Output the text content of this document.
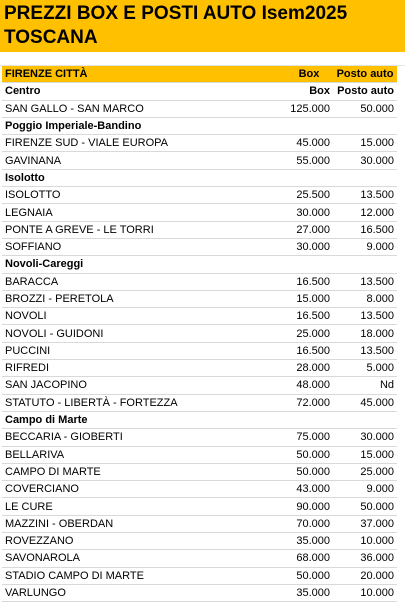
PREZZI BOX E POSTI AUTO Isem2025
TOSCANA
FIRENZE CITTÀ	Box	Posto auto
Centro	Box	Posto auto
SAN GALLO - SAN MARCO	125.000	50.000
Poggio Imperiale-Bandino		
FIRENZE SUD - VIALE EUROPA	45.000	15.000
GAVINANA	55.000	30.000
Isolotto		
ISOLOTTO	25.500	13.500
LEGNAIA	30.000	12.000
PONTE A GREVE - LE TORRI	27.000	16.500
SOFFIANO	30.000	9.000
Novoli-Careggi		
BARACCA	16.500	13.500
BROZZI - PERETOLA	15.000	8.000
NOVOLI	16.500	13.500
NOVOLI - GUIDONI	25.000	18.000
PUCCINI	16.500	13.500
RIFREDI	28.000	5.000
SAN JACOPINO	48.000	Nd
STATUTO - LIBERTÀ - FORTEZZA	72.000	45.000
Campo di Marte		
BECCARIA - GIOBERTI	75.000	30.000
BELLARIVA	50.000	15.000
CAMPO DI MARTE	50.000	25.000
COVERCIANO	43.000	9.000
LE CURE	90.000	50.000
MAZZINI - OBERDAN	70.000	37.000
ROVEZZANO	35.000	10.000
SAVONAROLA	68.000	36.000
STADIO CAMPO DI MARTE	50.000	20.000
VARLUNGO	35.000	10.000
